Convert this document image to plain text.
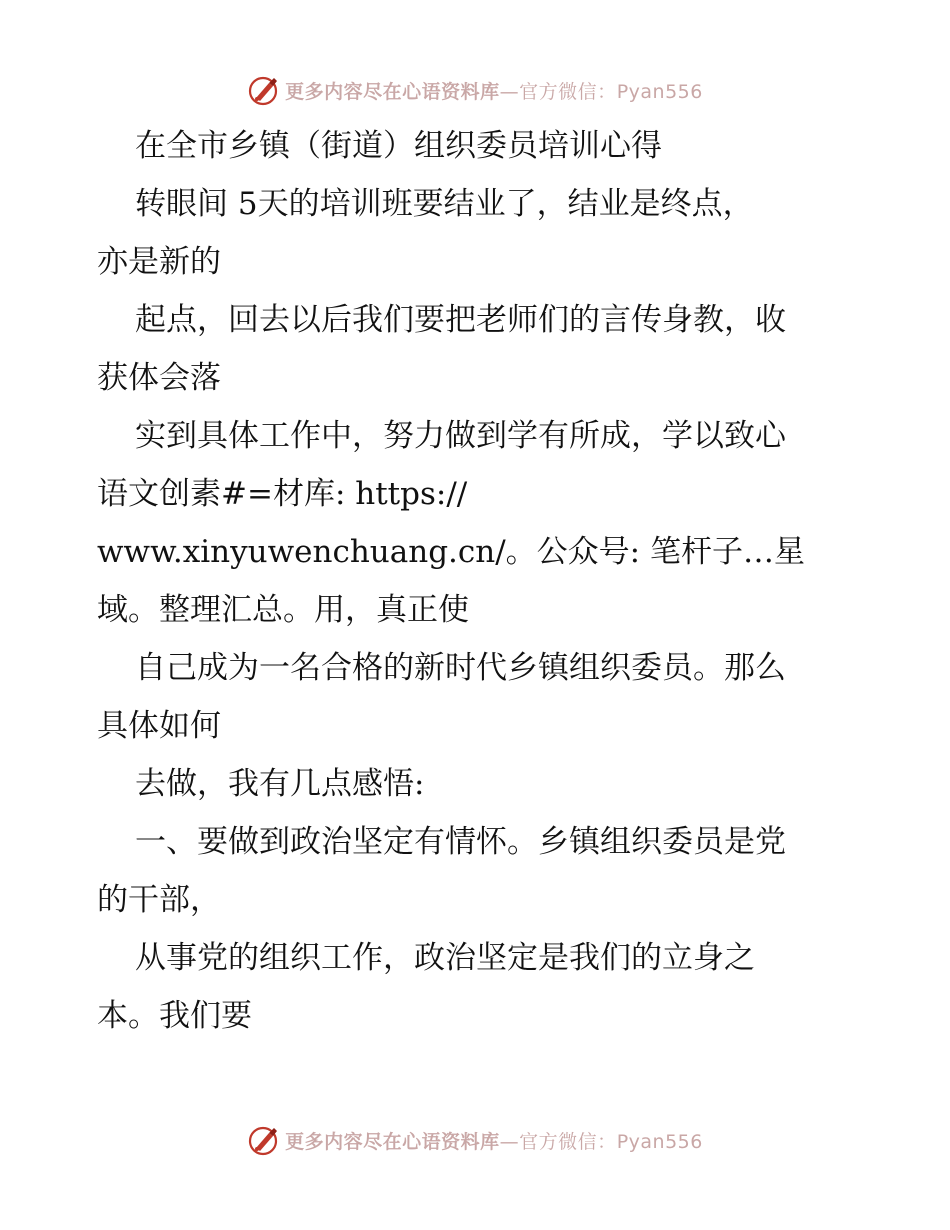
更多内容尽在心语资料库—官方微信：Pyan556
在全市乡镇（街道）组织委员培训心得
转眼间 5天的培训班要结业了，结业是终点，
亦是新的
起点，回去以后我们要把老师们的言传身教，收
获体会落
实到具体工作中，努力做到学有所成，学以致心
语文创素#=材库: https://
www.xinyuwenchuang.cn/。公众号: 笔杆子…星
域。整理汇总。用，真正使
自己成为一名合格的新时代乡镇组织委员。那么
具体如何
去做，我有几点感悟:
一、要做到政治坚定有情怀。乡镇组织委员是党
的干部，
从事党的组织工作，政治坚定是我们的立身之
本。我们要
更多内容尽在心语资料库—官方微信：Pyan556
